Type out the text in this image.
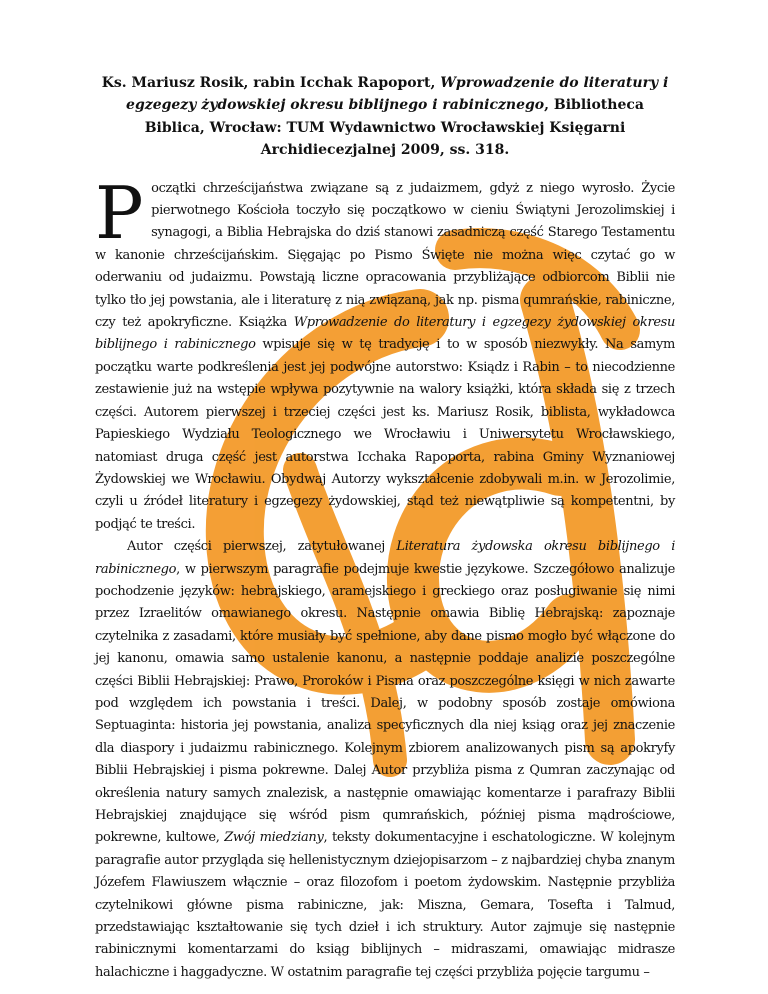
Ks. Mariusz Rosik, rabin Icchak Rapoport, Wprowadzenie do literatury i egzegezy żydowskiej okresu biblijnego i rabinicznego, Bibliotheca Biblica, Wrocław: TUM Wydawnictwo Wrocławskiej Księgarni Archidiecezjalnej 2009, ss. 318.

Początki chrześcijaństwa związane są z judaizmem, gdyż z niego wyrosło. Życie pierwotnego Kościoła toczyło się początkowo w cieniu Świątyni Jerozolimskiej i synagogi, a Biblia Hebrajska do dziś stanowi zasadniczą część Starego Testamentu w kanonie chrześcijańskim. Sięgając po Pismo Święte nie można więc czytać go w oderwaniu od judaizmu. Powstają liczne opracowania przybliżające odbiorcom Biblii nie tylko tło jej powstania, ale i literaturę z nią związaną, jak np. pisma qumrańskie, rabiniczne, czy też apokryficzne. Książka Wprowadzenie do literatury i egzegezy żydowskiej okresu biblijnego i rabinicznego wpisuje się w tę tradycję i to w sposób niezwykły. Na samym początku warte podkreślenia jest jej podwójne autorstwo: Ksiądz i Rabin – to niecodzienne zestawienie już na wstępie wpływa pozytywnie na walory książki, która składa się z trzech części. Autorem pierwszej i trzeciej części jest ks. Mariusz Rosik, biblista, wykładowca Papieskiego Wydziału Teologicznego we Wrocławiu i Uniwersytetu Wrocławskiego, natomiast druga część jest autorstwa Icchaka Rapoporta, rabina Gminy Wyznaniowej Żydowskiej we Wrocławiu. Obydwaj Autorzy wykształcenie zdobywali m.in. w Jerozolimie, czyli u źródeł literatury i egzegezy żydowskiej, stąd też niewątpliwie są kompetentni, by podjąć te treści.

Autor części pierwszej, zatytułowanej Literatura żydowska okresu biblijnego i rabinicznego, w pierwszym paragrafie podejmuje kwestie językowe. Szczegółowo analizuje pochodzenie języków: hebrajskiego, aramejskiego i greckiego oraz posługiwanie się nimi przez Izraelitów omawianego okresu. Następnie omawia Biblię Hebrajską: zapoznaje czytelnika z zasadami, które musiały być spełnione, aby dane pismo mogło być włączone do jej kanonu, omawia samo ustalenie kanonu, a następnie poddaje analizie poszczególne części Biblii Hebrajskiej: Prawo, Proroków i Pisma oraz poszczególne księgi w nich zawarte pod względem ich powstania i treści. Dalej, w podobny sposób zostaje omówiona Septuaginta: historia jej powstania, analiza specyficznych dla niej ksiąg oraz jej znaczenie dla diaspory i judaizmu rabinicznego. Kolejnym zbiorem analizowanych pism są apokryfy Biblii Hebrajskiej i pisma pokrewne. Dalej Autor przybliża pisma z Qumran zaczynając od określenia natury samych znalezisk, a następnie omawiając komentarze i parafrazy Biblii Hebrajskiej znajdujące się wśród pism qumrańskich, później pisma mądrościowe, pokrewne, kultowe, Zwój miedziany, teksty dokumentacyjne i eschatologiczne. W kolejnym paragrafie autor przygląda się hellenistycznym dziejopisarzom – z najbardziej chyba znanym Józefem Flawiuszem włącznie – oraz filozofom i poetom żydowskim. Następnie przybliża czytelnikowi główne pisma rabiniczne, jak: Miszna, Gemara, Tosefta i Talmud, przedstawiając kształtowanie się tych dzieł i ich struktury. Autor zajmuje się następnie rabinicznymi komentarzami do ksiąg biblijnych – midraszami, omawiając midrasze halachiczne i haggadyczne. W ostatnim paragrafie tej części przybliża pojęcie targumu –
